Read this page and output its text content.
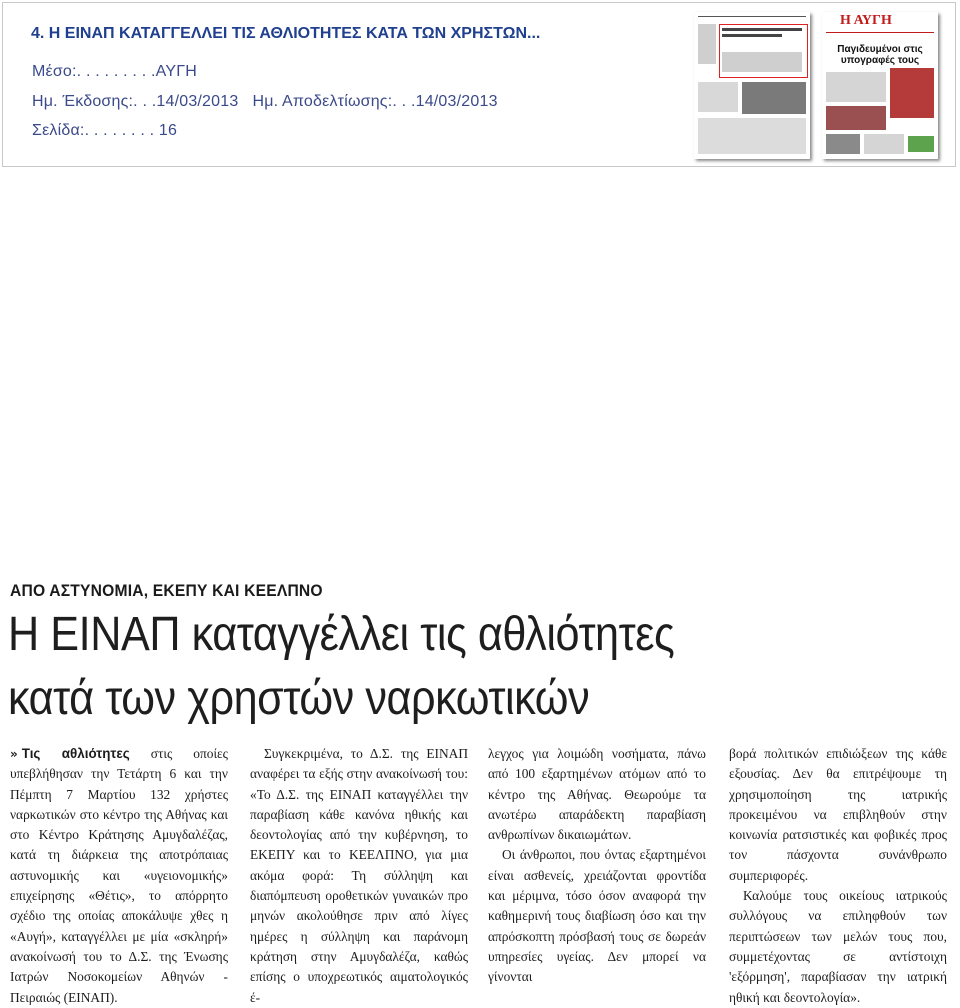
4. Η ΕΙΝΑΠ ΚΑΤΑΓΓΕΛΛΕΙ ΤΙΣ ΑΘΛΙΟΤΗΤΕΣ ΚΑΤΑ ΤΩΝ ΧΡΗΣΤΩΝ...
Μέσο:. . . . . . . . .ΑΥΓΗ
Ημ. Έκδοσης:. . .14/03/2013 Ημ. Αποδελτίωσης:. . .14/03/2013
Σελίδα:. . . . . . . . 16
Η ΑΥΓΗ
Παγιδευμένοι στις υπογραφές τους
ΑΠΟ ΑΣΤΥΝΟΜΙΑ, ΕΚΕΠΥ ΚΑΙ ΚΕΕΛΠΝΟ
Η ΕΙΝΑΠ καταγγέλλει τις αθλιότητες
κατά των χρηστών ναρκωτικών

» Τις αθλιότητες στις οποίες υπεβλήθησαν την Τετάρτη 6 και την Πέμπτη 7 Μαρτίου 132 χρήστες ναρκωτικών στο κέντρο της Αθήνας και στο Κέντρο Κράτησης Αμυγδαλέζας, κατά τη διάρκεια της αποτρόπαιας αστυνομικής και «υγειονομικής» επιχείρησης «Θέτις», το απόρρητο σχέδιο της οποίας αποκάλυψε χθες η «Αυγή», καταγγέλλει με μία «σκληρή» ανακοίνωσή του το Δ.Σ. της Ένωσης Ιατρών Νοσοκομείων Αθηνών - Πειραιώς (ΕΙΝΑΠ).

Συγκεκριμένα, το Δ.Σ. της ΕΙΝΑΠ αναφέρει τα εξής στην ανακοίνωσή του: «Το Δ.Σ. της ΕΙΝΑΠ καταγγέλλει την παραβίαση κάθε κανόνα ηθικής και δεοντολογίας από την κυβέρνηση, το ΕΚΕΠΥ και το ΚΕΕΛΠΝΟ, για μια ακόμα φορά: Τη σύλληψη και διαπόμπευση οροθετικών γυναικών προ μηνών ακολούθησε πριν από λίγες ημέρες η σύλληψη και παράνομη κράτηση στην Αμυγδαλέζα, καθώς επίσης ο υποχρεωτικός αιματολογικός έ-

λεγχος για λοιμώδη νοσήματα, πάνω από 100 εξαρτημένων ατόμων από το κέντρο της Αθήνας. Θεωρούμε τα ανωτέρω απαράδεκτη παραβίαση ανθρωπίνων δικαιωμάτων.

Οι άνθρωποι, που όντας εξαρτημένοι είναι ασθενείς, χρειάζονται φροντίδα και μέριμνα, τόσο όσον αναφορά την καθημερινή τους διαβίωση όσο και την απρόσκοπτη πρόσβασή τους σε δωρεάν υπηρεσίες υγείας. Δεν μπορεί να γίνονται

βορά πολιτικών επιδιώξεων της κάθε εξουσίας. Δεν θα επιτρέψουμε τη χρησιμοποίηση της ιατρικής προκειμένου να επιβληθούν στην κοινωνία ρατσιστικές και φοβικές προς τον πάσχοντα συνάνθρωπο συμπεριφορές.

Καλούμε τους οικείους ιατρικούς συλλόγους να επιληφθούν των περιπτώσεων των μελών τους που, συμμετέχοντας σε αντίστοιχη 'εξόρμηση', παραβίασαν την ιατρική ηθική και δεοντολογία».
